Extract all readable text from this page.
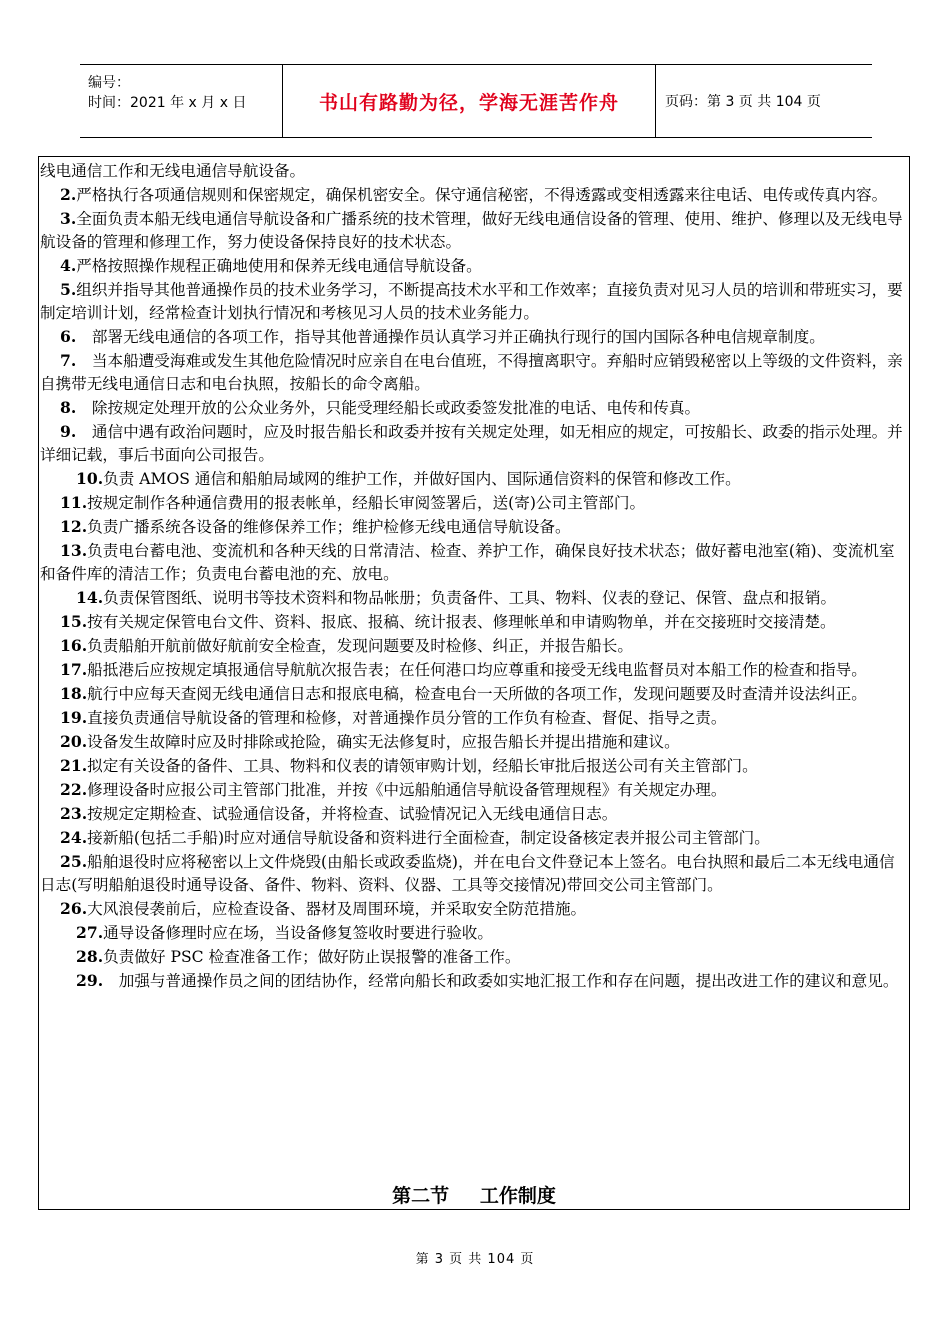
编号：
时间：2021 年 x 月 x 日	书山有路勤为径，学海无涯苦作舟	页码：第 3 页 共 104 页

线电通信工作和无线电通信导航设备。

2.严格执行各项通信规则和保密规定，确保机密安全。保守通信秘密，不得透露或变相透露来往电话、电传或传真内容。

3.全面负责本船无线电通信导航设备和广播系统的技术管理，做好无线电通信设备的管理、使用、维护、修理以及无线电导航设备的管理和修理工作，努力使设备保持良好的技术状态。

4.严格按照操作规程正确地使用和保养无线电通信导航设备。

5.组织并指导其他普通操作员的技术业务学习，不断提高技术水平和工作效率；直接负责对见习人员的培训和带班实习，要制定培训计划，经常检查计划执行情况和考核见习人员的技术业务能力。

6.　部署无线电通信的各项工作，指导其他普通操作员认真学习并正确执行现行的国内国际各种电信规章制度。

7.　当本船遭受海难或发生其他危险情况时应亲自在电台值班，不得擅离职守。弃船时应销毁秘密以上等级的文件资料，亲自携带无线电通信日志和电台执照，按船长的命令离船。

8.　除按规定处理开放的公众业务外，只能受理经船长或政委签发批准的电话、电传和传真。

9.　通信中遇有政治问题时，应及时报告船长和政委并按有关规定处理，如无相应的规定，可按船长、政委的指示处理。并详细记载，事后书面向公司报告。

10.负责 AMOS 通信和船舶局域网的维护工作，并做好国内、国际通信资料的保管和修改工作。

11.按规定制作各种通信费用的报表帐单，经船长审阅签署后，送(寄)公司主管部门。

12.负责广播系统各设备的维修保养工作；维护检修无线电通信导航设备。

13.负责电台蓄电池、变流机和各种天线的日常清洁、检查、养护工作，确保良好技术状态；做好蓄电池室(箱)、变流机室和备件库的清洁工作；负责电台蓄电池的充、放电。

14.负责保管图纸、说明书等技术资料和物品帐册；负责备件、工具、物料、仪表的登记、保管、盘点和报销。

15.按有关规定保管电台文件、资料、报底、报稿、统计报表、修理帐单和申请购物单，并在交接班时交接清楚。

16.负责船舶开航前做好航前安全检查，发现问题要及时检修、纠正，并报告船长。

17.船抵港后应按规定填报通信导航航次报告表；在任何港口均应尊重和接受无线电监督员对本船工作的检查和指导。

18.航行中应每天查阅无线电通信日志和报底电稿，检查电台一天所做的各项工作，发现问题要及时查清并设法纠正。

19.直接负责通信导航设备的管理和检修，对普通操作员分管的工作负有检查、督促、指导之责。

20.设备发生故障时应及时排除或抢险，确实无法修复时，应报告船长并提出措施和建议。

21.拟定有关设备的备件、工具、物料和仪表的请领审购计划，经船长审批后报送公司有关主管部门。

22.修理设备时应报公司主管部门批准，并按《中远船舶通信导航设备管理规程》有关规定办理。

23.按规定定期检查、试验通信设备，并将检查、试验情况记入无线电通信日志。

24.接新船(包括二手船)时应对通信导航设备和资料进行全面检查，制定设备核定表并报公司主管部门。

25.船舶退役时应将秘密以上文件烧毁(由船长或政委监烧)，并在电台文件登记本上签名。电台执照和最后二本无线电通信日志(写明船舶退役时通导设备、备件、物料、资料、仪器、工具等交接情况)带回交公司主管部门。

26.大风浪侵袭前后，应检查设备、器材及周围环境，并采取安全防范措施。

27.通导设备修理时应在场，当设备修复签收时要进行验收。

28.负责做好 PSC 检查准备工作；做好防止误报警的准备工作。

29.　加强与普通操作员之间的团结协作，经常向船长和政委如实地汇报工作和存在问题，提出改进工作的建议和意见。

第二节 工作制度
第 3 页 共 104 页
